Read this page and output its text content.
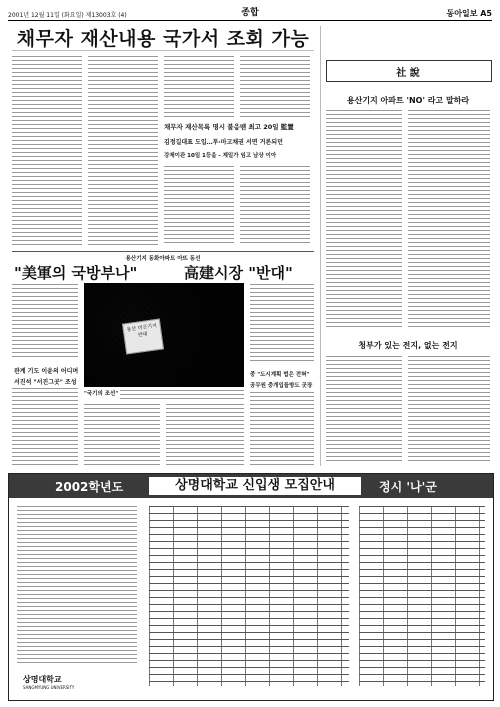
2001년 12월 11일 (화요일) 제13003호 (4)	종합	동아일보 A5
채무자 재산내용 국가서 조회 가능
채무자 재산목록 명시 불응땐 최고 20일 監置
김정길대표 도입…투·마고채권 서면 거론되던
강제이관 10일 1등을 - 제일가 임고 남상 이아
社 說
용산기지 아파트 'NO' 라고 말하라
청부가 있는 전지, 없는 전지
용산기지 동화아파트 아뜨 동선
"美軍의 국방부나"	高建시장 "반대"
용산 미군기지 반대
"국기의 조선"
관계 기도 이윤의 어디며
서진석 "서진그곳" 조성
중 "도시계획 법은 전혀"
공무원 중개입들방도 곳장
2002학년도	상명대학교 신입생 모집안내	정시 '나'군
상명대학교
SANGMYUNG UNIVERSITY
